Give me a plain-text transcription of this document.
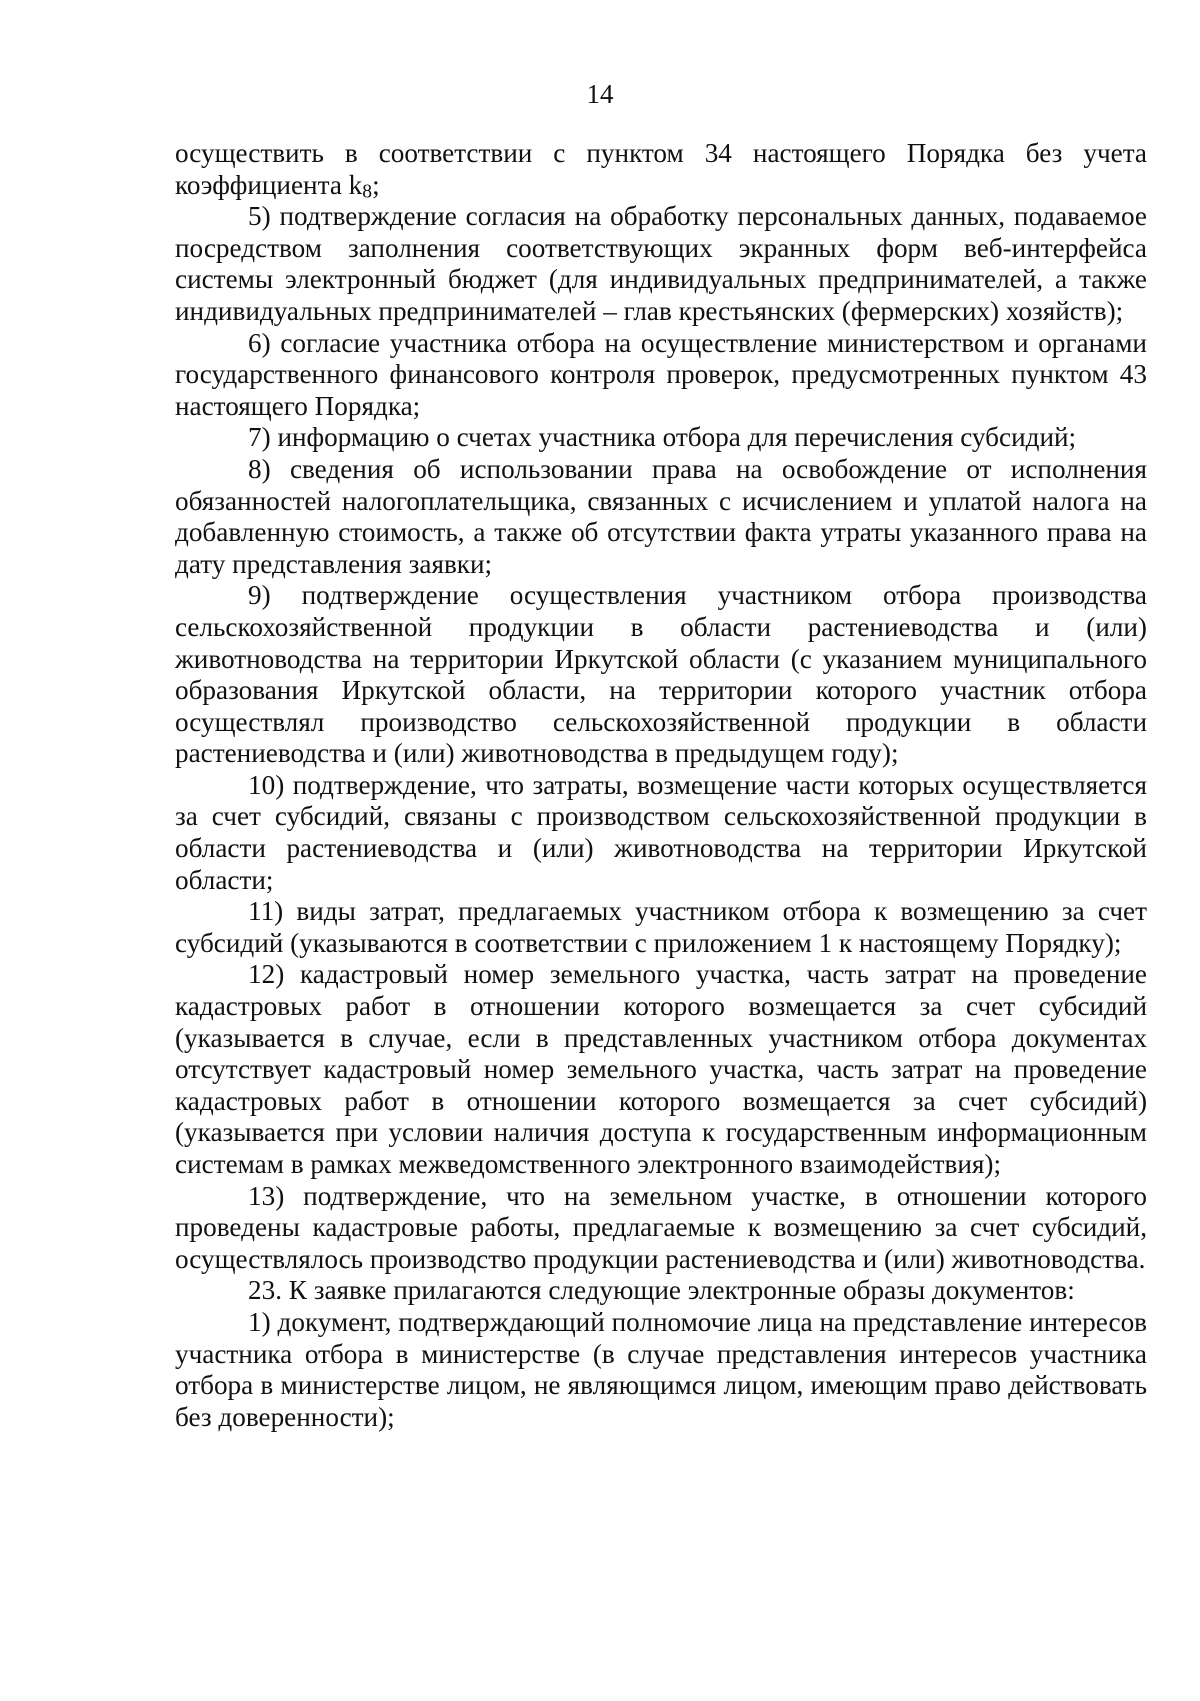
14

осуществить в соответствии с пунктом 34 настоящего Порядка без учета коэффициента $k_8$;

5) подтверждение согласия на обработку персональных данных, подаваемое посредством заполнения соответствующих экранных форм веб-интерфейса системы электронный бюджет (для индивидуальных предпринимателей, а также индивидуальных предпринимателей – глав крестьянских (фермерских) хозяйств);

6) согласие участника отбора на осуществление министерством и органами государственного финансового контроля проверок, предусмотренных пунктом 43 настоящего Порядка;

7) информацию о счетах участника отбора для перечисления субсидий;

8) сведения об использовании права на освобождение от исполнения обязанностей налогоплательщика, связанных с исчислением и уплатой налога на добавленную стоимость, а также об отсутствии факта утраты указанного права на дату представления заявки;

9) подтверждение осуществления участником отбора производства сельскохозяйственной продукции в области растениеводства и (или) животноводства на территории Иркутской области (с указанием муниципального образования Иркутской области, на территории которого участник отбора осуществлял производство сельскохозяйственной продукции в области растениеводства и (или) животноводства в предыдущем году);

10) подтверждение, что затраты, возмещение части которых осуществляется за счет субсидий, связаны с производством сельскохозяйственной продукции в области растениеводства и (или) животноводства на территории Иркутской области;

11) виды затрат, предлагаемых участником отбора к возмещению за счет субсидий (указываются в соответствии с приложением 1 к настоящему Порядку);

12) кадастровый номер земельного участка, часть затрат на проведение кадастровых работ в отношении которого возмещается за счет субсидий (указывается в случае, если в представленных участником отбора документах отсутствует кадастровый номер земельного участка, часть затрат на проведение кадастровых работ в отношении которого возмещается за счет субсидий) (указывается при условии наличия доступа к государственным информационным системам в рамках межведомственного электронного взаимодействия);

13) подтверждение, что на земельном участке, в отношении которого проведены кадастровые работы, предлагаемые к возмещению за счет субсидий, осуществлялось производство продукции растениеводства и (или) животноводства.

23. К заявке прилагаются следующие электронные образы документов:

1) документ, подтверждающий полномочие лица на представление интересов участника отбора в министерстве (в случае представления интересов участника отбора в министерстве лицом, не являющимся лицом, имеющим право действовать без доверенности);
